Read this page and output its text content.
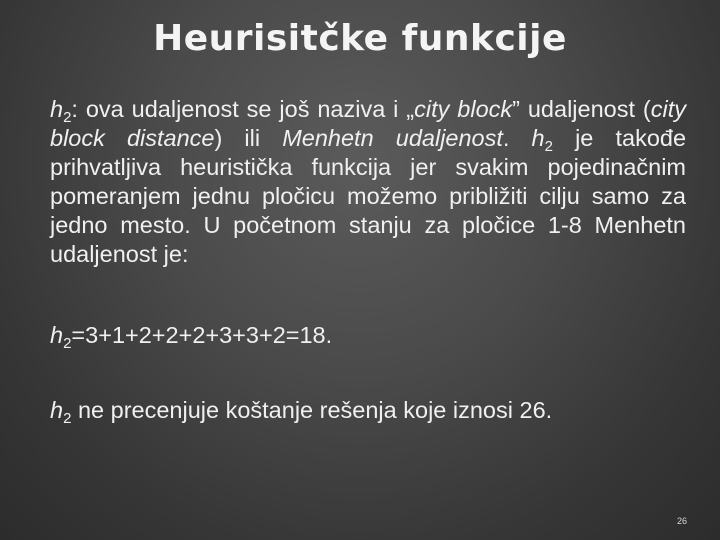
Heurisitčke funkcije
$h_2$: ova udaljenost se još naziva i „city block” udaljenost (city block distance) ili Menhetn udaljenost. $h_2$ je takođe prihvatljiva heuristička funkcija jer svakim pojedinačnim pomeranjem jednu pločicu možemo približiti cilju samo za jedno mesto. U početnom stanju za pločice 1-8 Menhetn udaljenost je:
$h_2=3+1+2+2+2+3+3+2=18$.
$h_2$ ne precenjuje koštanje rešenja koje iznosi 26.
26
